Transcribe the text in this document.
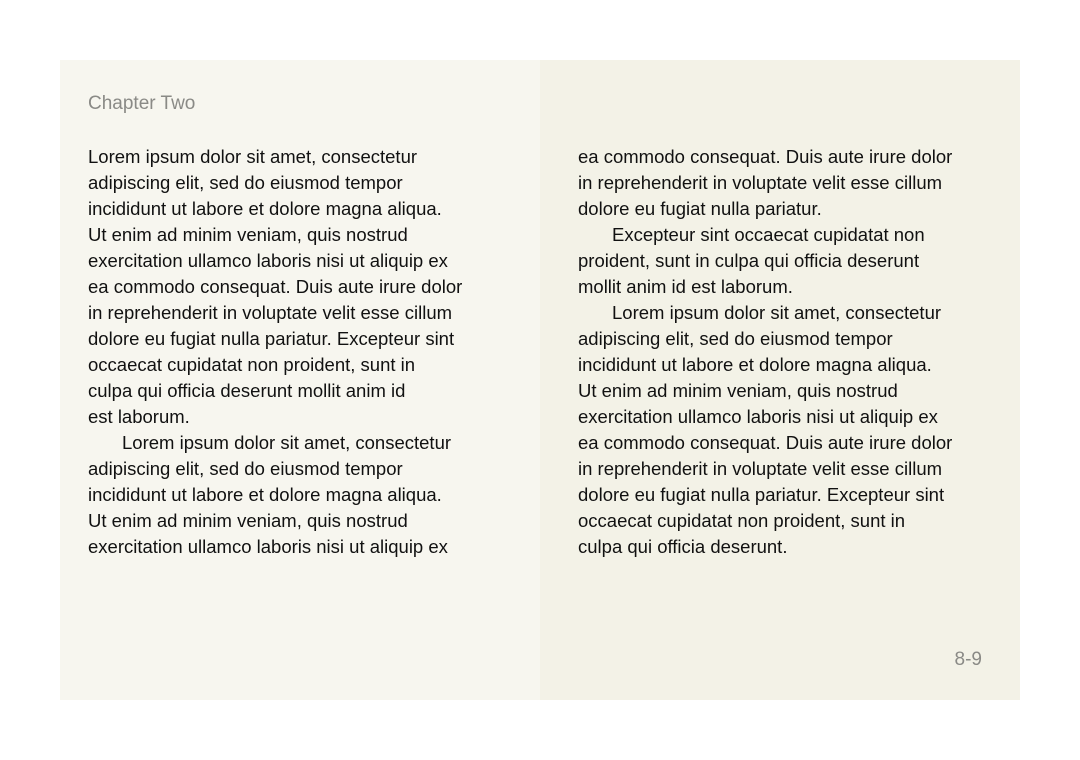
Chapter Two

Lorem ipsum dolor sit amet, consectetur
adipiscing elit, sed do eiusmod tempor
incididunt ut labore et dolore magna aliqua.
Ut enim ad minim veniam, quis nostrud
exercitation ullamco laboris nisi ut aliquip ex
ea commodo consequat. Duis aute irure dolor
in reprehenderit in voluptate velit esse cillum
dolore eu fugiat nulla pariatur. Excepteur sint
occaecat cupidatat non proident, sunt in
culpa qui officia deserunt mollit anim id
est laborum.

Lorem ipsum dolor sit amet, consectetur
adipiscing elit, sed do eiusmod tempor
incididunt ut labore et dolore magna aliqua.
Ut enim ad minim veniam, quis nostrud
exercitation ullamco laboris nisi ut aliquip ex

ea commodo consequat. Duis aute irure dolor
in reprehenderit in voluptate velit esse cillum
dolore eu fugiat nulla pariatur.

Excepteur sint occaecat cupidatat non
proident, sunt in culpa qui officia deserunt
mollit anim id est laborum.

Lorem ipsum dolor sit amet, consectetur
adipiscing elit, sed do eiusmod tempor
incididunt ut labore et dolore magna aliqua.
Ut enim ad minim veniam, quis nostrud
exercitation ullamco laboris nisi ut aliquip ex
ea commodo consequat. Duis aute irure dolor
in reprehenderit in voluptate velit esse cillum
dolore eu fugiat nulla pariatur. Excepteur sint
occaecat cupidatat non proident, sunt in
culpa qui officia deserunt.

8-9
